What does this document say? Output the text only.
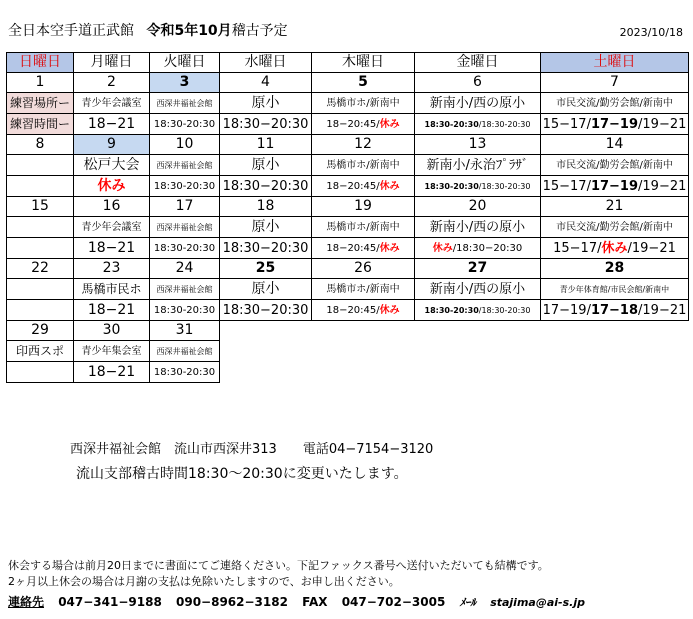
全日本空手道正武館 令和5年10月稽古予定	2023/10/18
日曜日	月曜日	火曜日	水曜日	木曜日	金曜日	土曜日
1	2	3	4	5	6	7
練習場所ー	青少年会議室	西深井福祉会館	原小	馬橋市ホ/新南中	新南小/西の原小	市民交流/勤労会館/新南中
練習時間ー	18−21	18:30-20:30	18:30−20:30	18−20:45/休み	18:30-20:30/18:30-20:30	15−17/17−19/19−21
8	9	10	11	12	13	14
	松戸大会	西深井福祉会館	原小	馬橋市ホ/新南中	新南小/永治ﾌﾟﾗｻﾞ	市民交流/勤労会館/新南中
	休み	18:30-20:30	18:30−20:30	18−20:45/休み	18:30-20:30/18:30-20:30	15−17/17−19/19−21
15	16	17	18	19	20	21
	青少年会議室	西深井福祉会館	原小	馬橋市ホ/新南中	新南小/西の原小	市民交流/勤労会館/新南中
	18−21	18:30-20:30	18:30−20:30	18−20:45/休み	休み/18:30−20:30	15−17/休み/19−21
22	23	24	25	26	27	28
	馬橋市民ホ	西深井福祉会館	原小	馬橋市ホ/新南中	新南小/西の原小	青少年体育館/市民会館/新南中
	18−21	18:30-20:30	18:30−20:30	18−20:45/休み	18:30-20:30/18:30-20:30	17−19/17−18/19−21
29	30	31				
印西スポ	青少年集会室	西深井福祉会館				
	18−21	18:30-20:30				
西深井福祉会館　流山市西深井313　　電話04−7154−3120
流山支部稽古時間18:30〜20:30に変更いたします。
休会する場合は前月20日までに書面にてご連絡ください。下記ファックス番号へ送付いただいても結構です。
2ヶ月以上休会の場合は月謝の支払は免除いたしますので、お申し出ください。
連絡先 047−341−9188 090−8962−3182 FAX 047−702−3005 ﾒｰﾙ stajima@ai-s.jp
